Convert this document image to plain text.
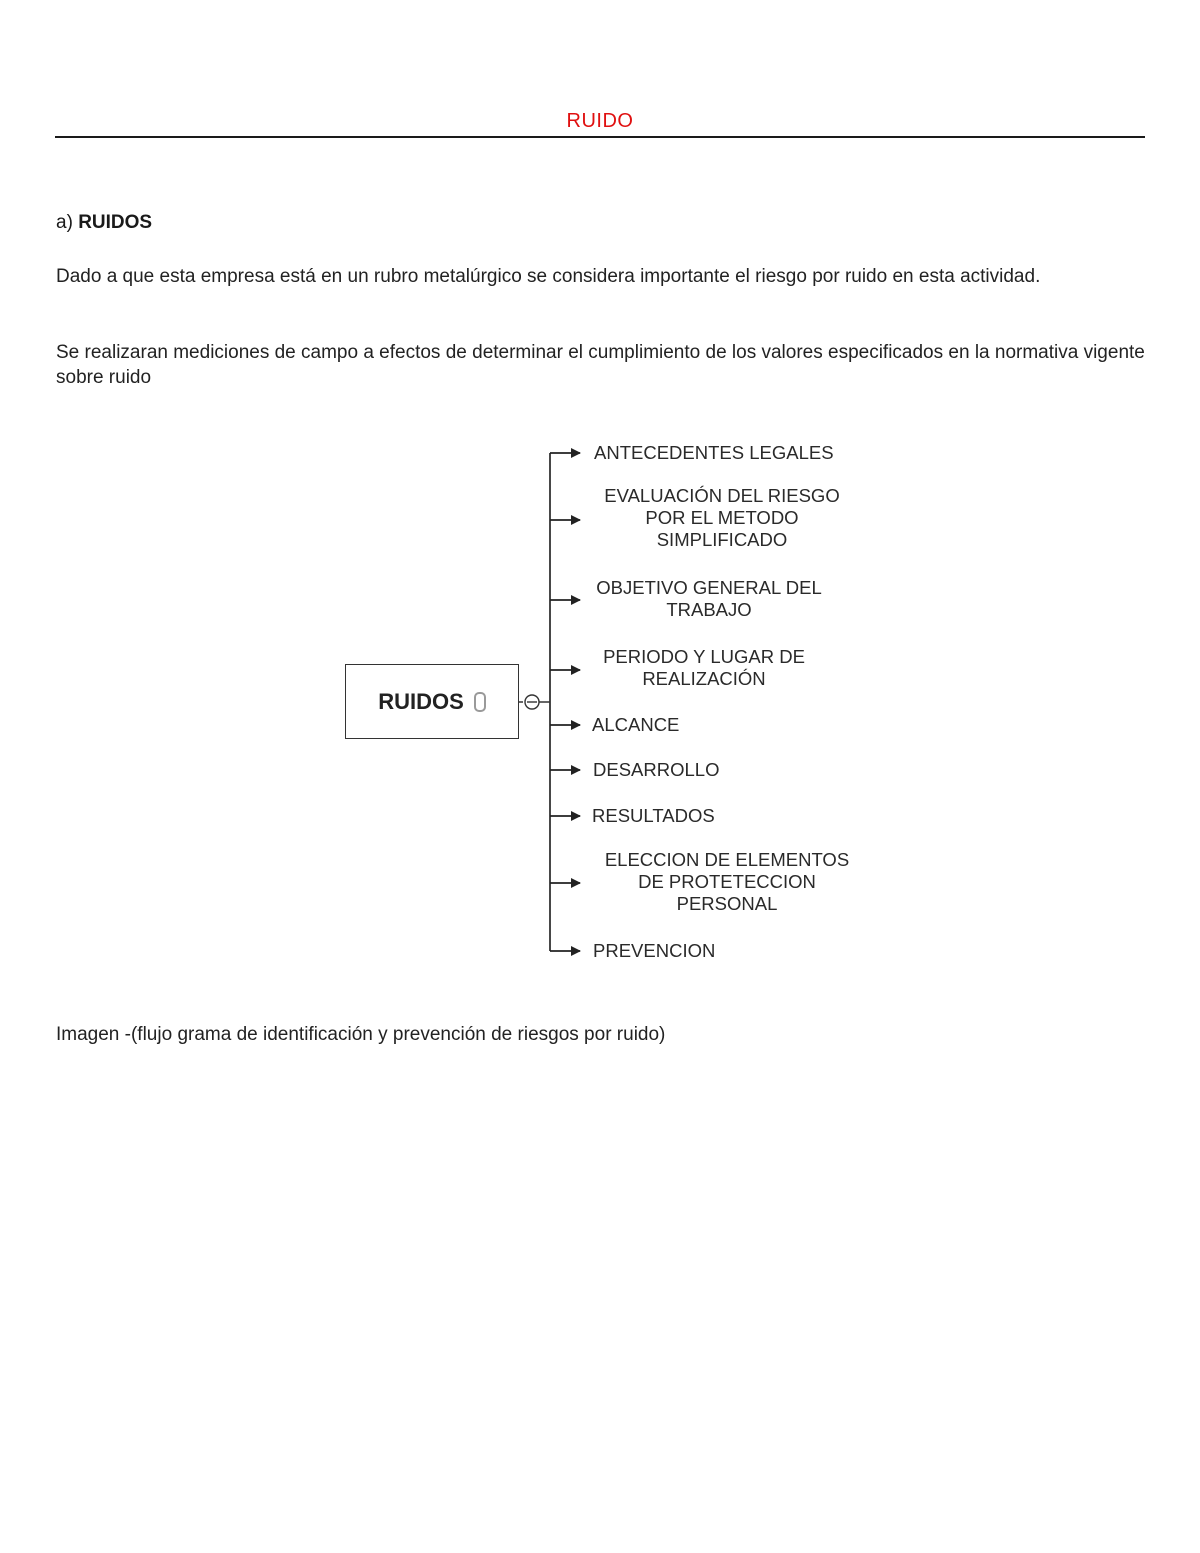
RUIDO
a) RUIDOS
Dado a que esta empresa está en un rubro metalúrgico se considera importante el riesgo por ruido en esta actividad.
Se realizaran mediciones de campo a efectos de determinar el cumplimiento de los valores especificados en la normativa vigente sobre ruido
RUIDOS
ANTECEDENTES LEGALES
EVALUACIÓN DEL RIESGO
POR EL METODO
SIMPLIFICADO
OBJETIVO GENERAL DEL
TRABAJO
PERIODO Y LUGAR DE
REALIZACIÓN
ALCANCE
DESARROLLO
RESULTADOS
ELECCION DE ELEMENTOS
DE PROTETECCION
PERSONAL
PREVENCION
Imagen -(flujo grama de identificación y prevención de riesgos por ruido)
